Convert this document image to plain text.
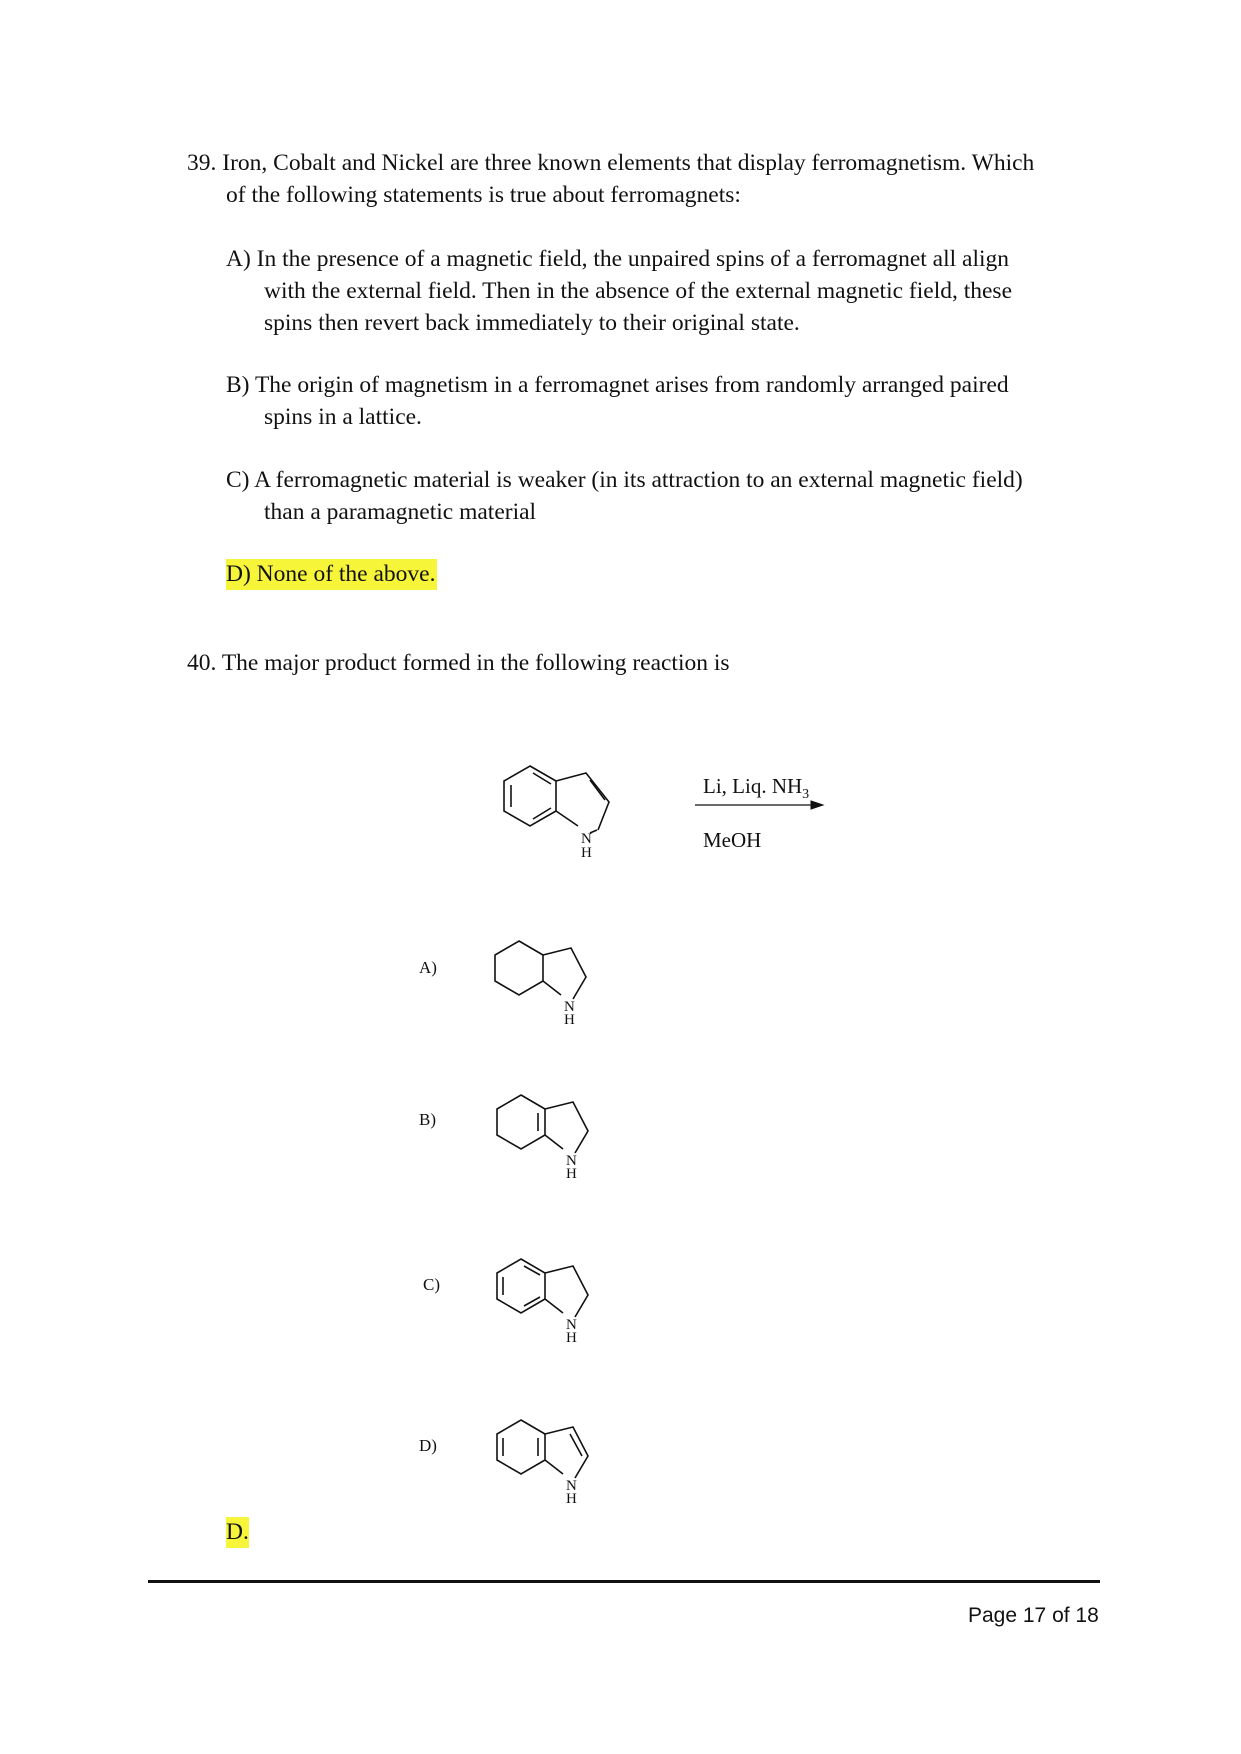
39. Iron, Cobalt and Nickel are three known elements that display ferromagnetism. Which
of the following statements is true about ferromagnets:
A) In the presence of a magnetic field, the unpaired spins of a ferromagnet all align
with the external field. Then in the absence of the external magnetic field, these
spins then revert back immediately to their original state.
B) The origin of magnetism in a ferromagnet arises from randomly arranged paired
spins in a lattice.
C) A ferromagnetic material is weaker (in its attraction to an external magnetic field)
than a paramagnetic material
D) None of the above.
40. The major product formed in the following reaction is
N
H
Li, Liq. $NH_3$
MeOH
A)
N
H
B)
N
H
C)
N
H
D)
N
H
D.
Page 17 of 18
